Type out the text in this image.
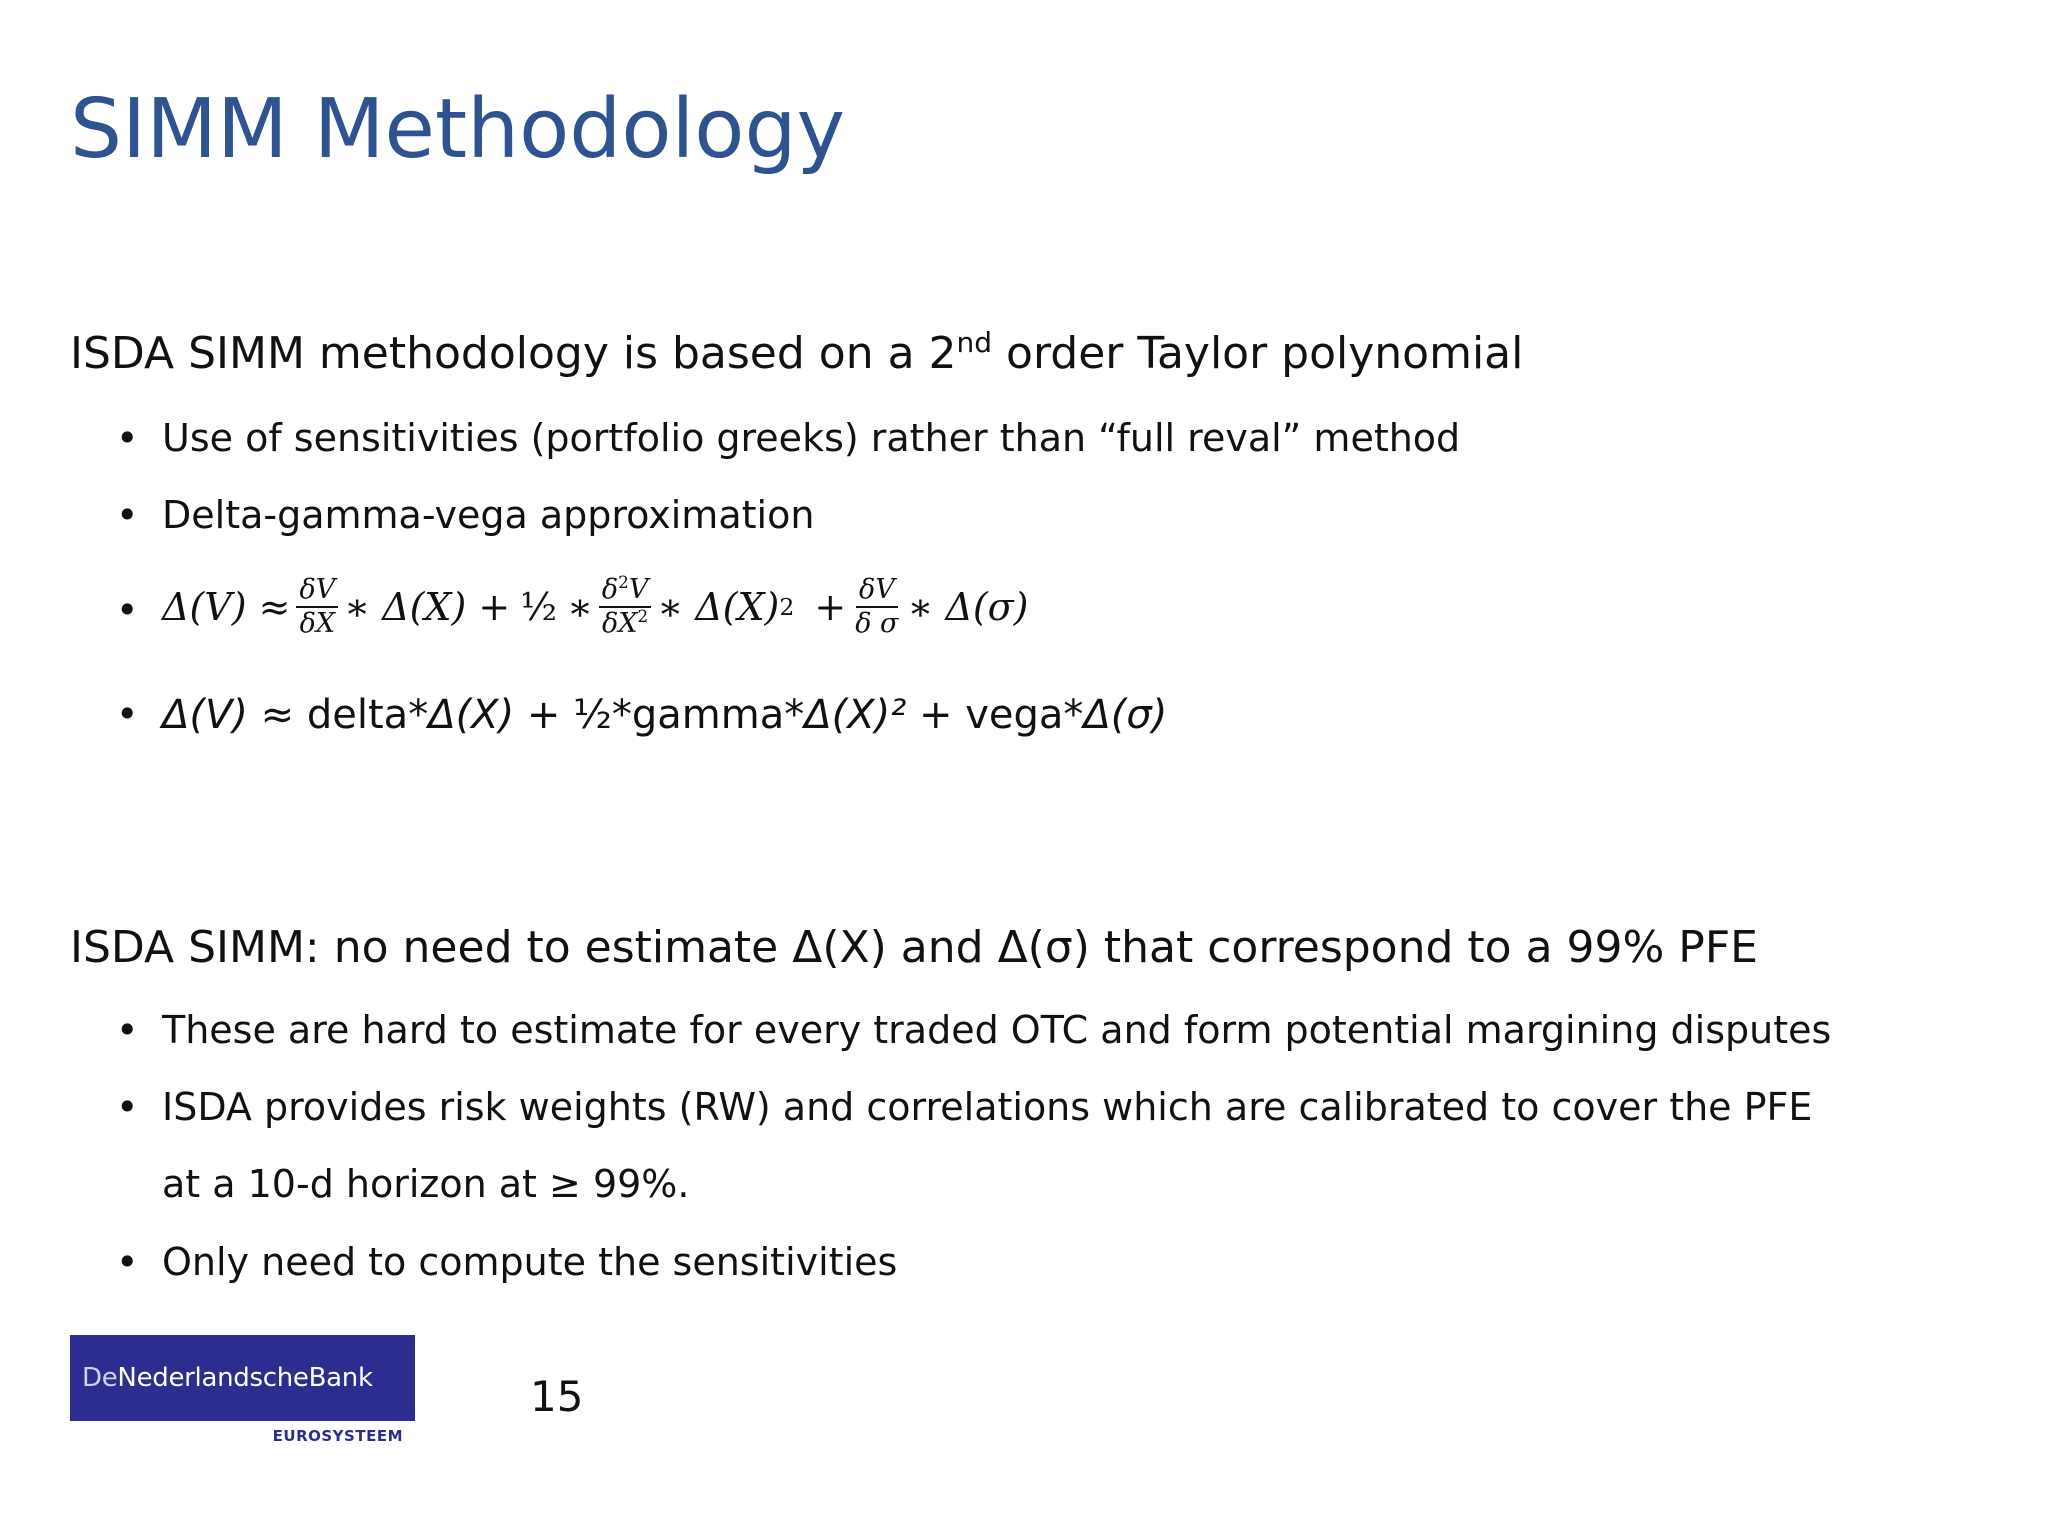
SIMM Methodology

ISDA SIMM methodology is based on a 2nd order Taylor polynomial

• Use of sensitivities (portfolio greeks) rather than “full reval” method
• Delta-gamma-vega approximation
• $\Delta(V) \approx \frac{\delta V}{\delta X}$ ∗ Δ(X) + ½ ∗ $\frac{\delta^2V}{\delta X^2}$ ∗ Δ(X) $2 + \frac{\delta V}{\text{δ σ}}$ ∗ Δ(σ)
• Δ(V) ≈ delta*Δ(X) + ½*gamma*Δ(X)² + vega*Δ(σ)

ISDA SIMM: no need to estimate Δ(X) and Δ(σ) that correspond to a 99% PFE

• These are hard to estimate for every traded OTC and form potential margining disputes
• ISDA provides risk weights (RW) and correlations which are calibrated to cover the PFE
at a 10-d horizon at ≥ 99%.
• Only need to compute the sensitivities
DeNederlandscheBank
EUROSYSTEEM
15
